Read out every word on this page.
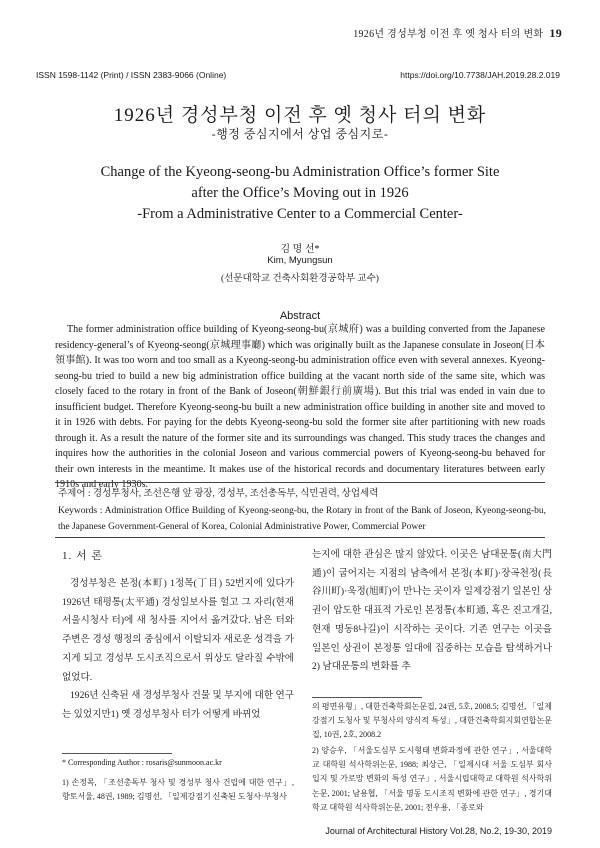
1926년 경성부청 이전 후 옛 청사 터의 변화 19
ISSN 1598-1142 (Print) / ISSN 2383-9066 (Online)	https://doi.org/10.7738/JAH.2019.28.2.019
1926년 경성부청 이전 후 옛 청사 터의 변화
-행정 중심지에서 상업 중심지로-
Change of the Kyeong-seong-bu Administration Office’s former Site
after the Office’s Moving out in 1926
-From a Administrative Center to a Commercial Center-
김 명 선*
Kim, Myungsun
(선문대학교 건축사회환경공학부 교수)
Abstract
The former administration office building of Kyeong-seong-bu(京城府) was a building converted from the Japanese residency-general’s of Kyeong-seong(京城理事廳) which was originally built as the Japanese consulate in Joseon(日本領事館). It was too worn and too small as a Kyeong-seong-bu administration office even with several annexes. Kyeong-seong-bu tried to build a new big administration office building at the vacant north side of the same site, which was closely faced to the rotary in front of the Bank of Joseon(朝鮮銀行前廣場). But this trial was ended in vain due to insufficient budget. Therefore Kyeong-seong-bu built a new administration office building in another site and moved to it in 1926 with debts. For paying for the debts Kyeong-seong-bu sold the former site after partitioning with new roads through it. As a result the nature of the former site and its surroundings was changed. This study traces the changes and inquires how the authorities in the colonial Joseon and various commercial powers of Kyeong-seong-bu behaved for their own interests in the meantime. It makes use of the historical records and documentary literatures between early 1910s and early 1930s.
주제어 : 경성부청사, 조선은행 앞 광장, 경성부, 조선총독부, 식민권력, 상업세력
Keywords : Administration Office Building of Kyeong-seong-bu, the Rotary in front of the Bank of Joseon, Kyeong-seong-bu, the Japanese Government-General of Korea, Colonial Administrative Power, Commercial Power
1. 서 론

경성부청은 본정(本町) 1정목(丁目) 52번지에 있다가 1926년 태평통(太平通) 경성일보사를 헐고 그 자리(현재 서울시청사 터)에 새 청사를 지어서 옮겨갔다. 남은 터와 주변은 경성 행정의 중심에서 이탈되자 새로운 성격을 가지게 되고 경성부 도시조직으로서 위상도 달라질 수밖에 없었다.

1926년 신축된 새 경성부청사 건물 및 부지에 대한 연구는 있었지만1) 옛 경성부청사 터가 어떻게 바뀌었

는지에 대한 관심은 많지 않았다. 이곳은 남대문통(南大門通)이 굽어지는 지점의 남측에서 본정(本町)·장곡천정(長谷川町)·욱정(旭町)이 만나는 곳이자 일제강점기 일본인 상권이 압도한 대표적 가로인 본정통(本町通, 혹은 진고개길, 현재 명동8나길)이 시작하는 곳이다. 기존 연구는 이곳을 일본인 상권이 본정통 일대에 집중하는 모습을 탐색하거나2) 남대문통의 변화를 추

* Corresponding Author : rosaris@sunmoon.ac.kr
1) 손정목, 「조선총독부 청사 및 경성부 청사 건립에 대한 연구」, 향토서울, 48권, 1989; 김명선, 「일제강점기 신축된 도청사·부청사
의 평면유형」, 대한건축학회논문집, 24권, 5호, 2008.5; 김명선, 「일제강점기 도청사 및 부청사의 양식적 특성」, 대한건축학회지회연합논문집, 10권, 2호, 2008.2
2) 양승우, 「서울도심부 도시형태 변화과정에 관한 연구」, 서울대학교 대학원 석사학위논문, 1988; 최상근, 「일제시대 서울 도심부 회사 입지 및 가로망 변화의 특성 연구」, 서울시립대학교 대학원 석사학위논문, 2001; 남용협, 「서울 명동 도시조직 변화에 관한 연구」, 경기대학교 대학원 석사학위논문, 2001; 전우용, 「종로와
Journal of Architectural History Vol.28, No.2, 19-30, 2019
